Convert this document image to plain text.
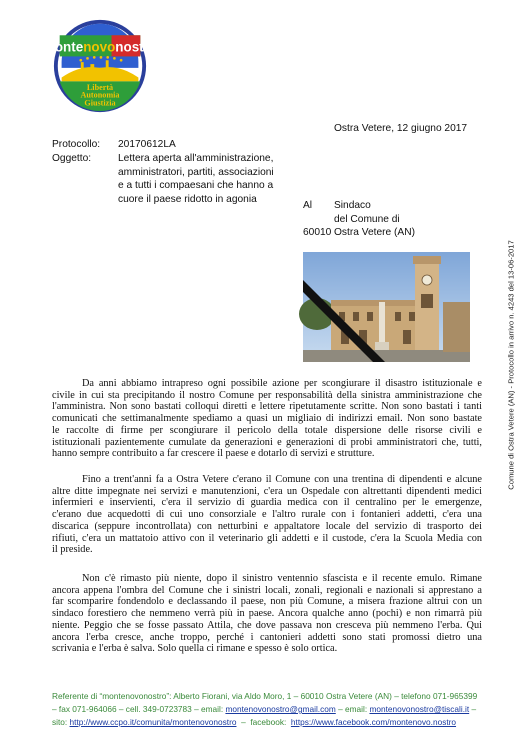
montenovonostro
Libertà
Autonomia
Giustizia
Ostra Vetere, 12 giugno 2017
Protocollo: 20170612LA
Oggetto:	Lettera aperta all'amministrazione,
amministratori, partiti, associazioni
e a tutti i compaesani che hanno a
cuore il paese ridotto in agonia
Al	Sindaco
del Comune di
60010 Ostra Vetere (AN)
Comune di Ostra Vetere (AN) - Protocollo in arrivo n. 4243 del 13-06-2017
Da anni abbiamo intrapreso ogni possibile azione per scongiurare il disastro istituzionale e
civile in cui sta precipitando il nostro Comune per responsabilità della sinistra amministrazione che
l'amministra. Non sono bastati colloqui diretti e lettere ripetutamente scritte. Non sono bastati i tanti
comunicati che settimanalmente spediamo a quasi un migliaio di indirizzi email. Non sono bastate
le raccolte di firme per scongiurare il pericolo della totale dispersione delle risorse civili e
istituzionali pazientemente cumulate da generazioni e generazioni di probi amministratori che, tutti,
hanno sempre contribuito a far crescere il paese e dotarlo di servizi e strutture.
Fino a trent'anni fa a Ostra Vetere c'erano il Comune con una trentina di dipendenti e alcune
altre ditte impegnate nei servizi e manutenzioni, c'era un Ospedale con altrettanti dipendenti medici
infermieri e inservienti, c'era il servizio di guardia medica con il centralino per le emergenze,
c'erano due acquedotti di cui uno consorziale e l'altro rurale con i fontanieri addetti, c'era una
discarica (seppure incontrollata) con netturbini e appaltatore locale del servizio di trasporto dei
rifiuti, c'era un mattatoio attivo con il veterinario gli addetti e il custode, c'era la Scuola Media con
il preside.
Non c'è rimasto più niente, dopo il sinistro ventennio sfascista e il recente emulo. Rimane
ancora appena l'ombra del Comune che i sinistri locali, zonali, regionali e nazionali si apprestano a
far scomparire fondendolo e declassando il paese, non più Comune, a misera frazione altrui con un
sindaco forestiero che nemmeno verrà più in paese. Ancora qualche anno (pochi) e non rimarrà più
niente. Peggio che se fosse passato Attila, che dove passava non cresceva più nemmeno l'erba. Qui
ancora l'erba cresce, anche troppo, perché i cantonieri addetti sono stati promossi dietro una
scrivania e l'erba è salva. Solo quella ci rimane e spesso è solo ortica.
Referente di “montenovonostro”: Alberto Fiorani, via Aldo Moro, 1 – 60010 Ostra Vetere (AN) – telefono 071-965399
– fax 071-964066 – cell. 349-0723783 – email: montenovonostro@gmail.com – email: montenovonostro@tiscali.it –
sito: http://www.ccpo.it/comunita/montenovonostro  –  facebook:  https://www.facebook.com/montenovo.nostro
